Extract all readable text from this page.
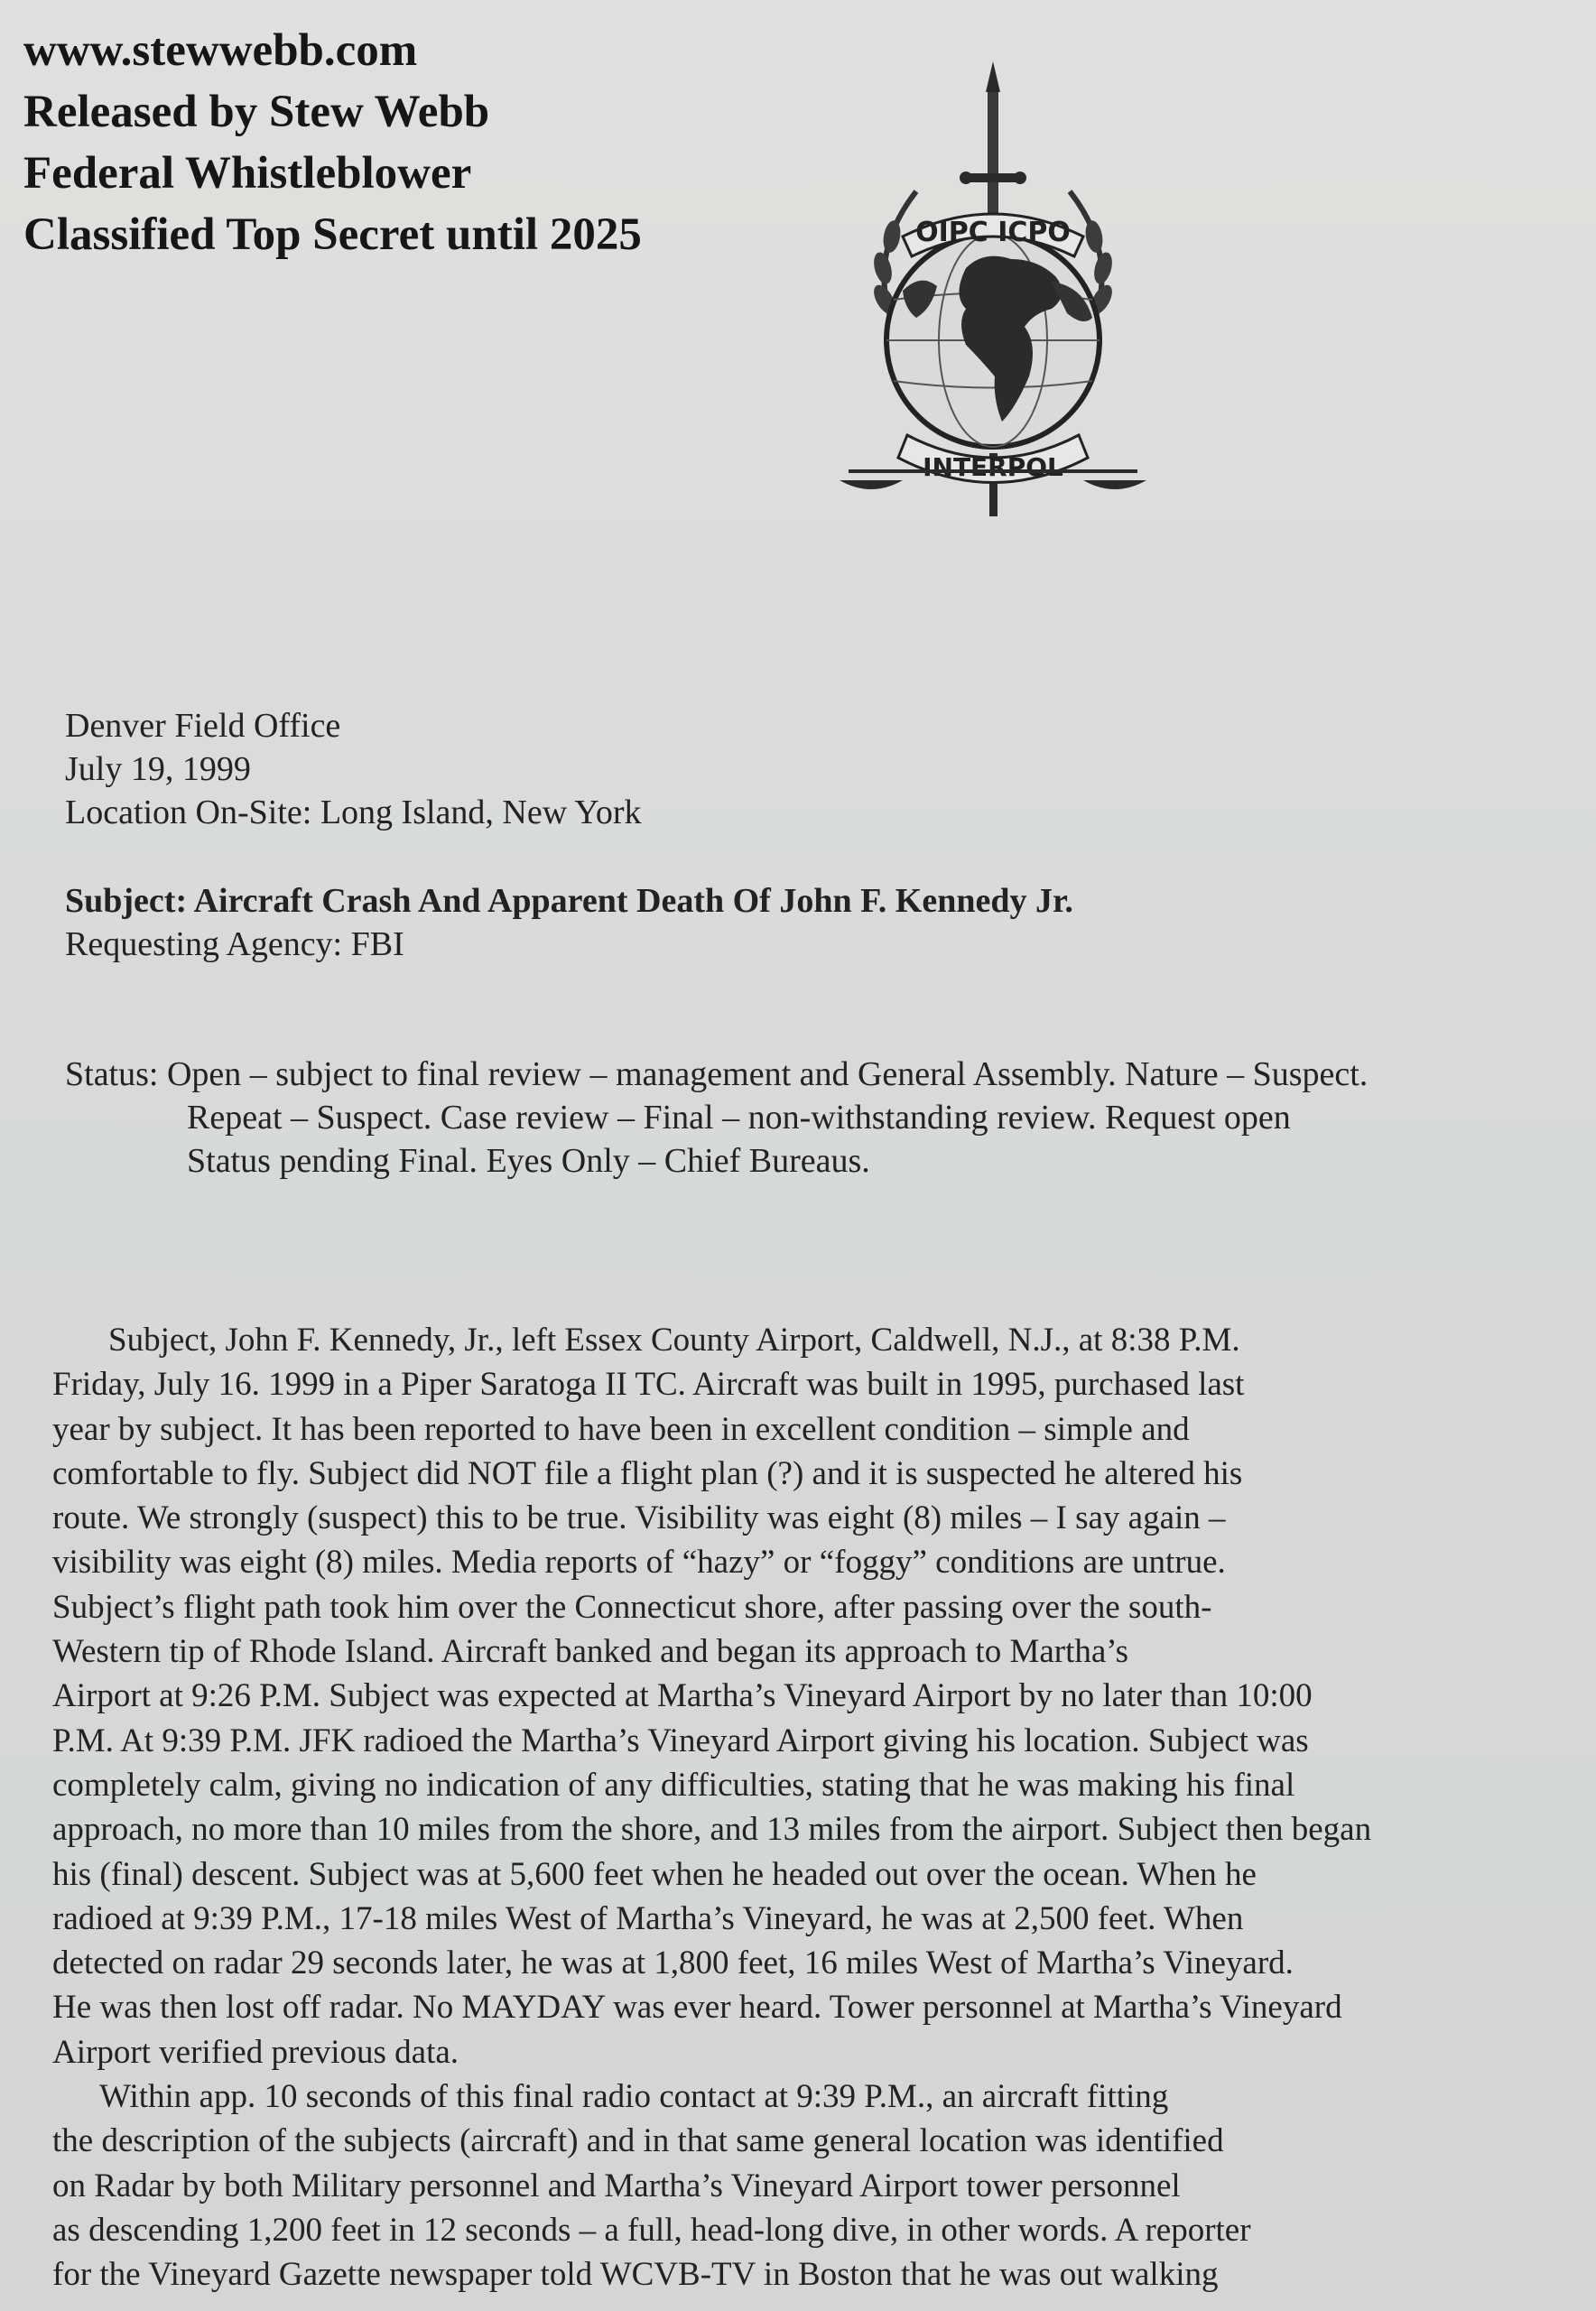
www.stewwebb.com
Released by Stew Webb
Federal Whistleblower
Classified Top Secret until 2025	OIPC ICPO
INTERPOL
Denver Field Office
July 19, 1999
Location On-Site: Long Island, New York
Subject: Aircraft Crash And Apparent Death Of John F. Kennedy Jr.
Requesting Agency: FBI
Status: Open – subject to final review – management and General Assembly. Nature – Suspect.
Repeat – Suspect. Case review – Final – non-withstanding review. Request open
Status pending Final. Eyes Only – Chief Bureaus.
Subject, John F. Kennedy, Jr., left Essex County Airport, Caldwell, N.J., at 8:38 P.M.
Friday, July 16. 1999 in a Piper Saratoga II TC. Aircraft was built in 1995, purchased last
year by subject. It has been reported to have been in excellent condition – simple and
comfortable to fly. Subject did NOT file a flight plan (?) and it is suspected he altered his
route. We strongly (suspect) this to be true. Visibility was eight (8) miles – I say again –
visibility was eight (8) miles. Media reports of “hazy” or “foggy” conditions are untrue.
Subject’s flight path took him over the Connecticut shore, after passing over the south-
Western tip of Rhode Island. Aircraft banked and began its approach to Martha’s
Airport at 9:26 P.M. Subject was expected at Martha’s Vineyard Airport by no later than 10:00
P.M. At 9:39 P.M. JFK radioed the Martha’s Vineyard Airport giving his location. Subject was
completely calm, giving no indication of any difficulties, stating that he was making his final
approach, no more than 10 miles from the shore, and 13 miles from the airport. Subject then began
his (final) descent. Subject was at 5,600 feet when he headed out over the ocean. When he
radioed at 9:39 P.M., 17-18 miles West of Martha’s Vineyard, he was at 2,500 feet. When
detected on radar 29 seconds later, he was at 1,800 feet, 16 miles West of Martha’s Vineyard.
He was then lost off radar. No MAYDAY was ever heard. Tower personnel at Martha’s Vineyard
Airport verified previous data.
Within app. 10 seconds of this final radio contact at 9:39 P.M., an aircraft fitting
the description of the subjects (aircraft) and in that same general location was identified
on Radar by both Military personnel and Martha’s Vineyard Airport tower personnel
as descending 1,200 feet in 12 seconds – a full, head-long dive, in other words. A reporter
for the Vineyard Gazette newspaper told WCVB-TV in Boston that he was out walking
